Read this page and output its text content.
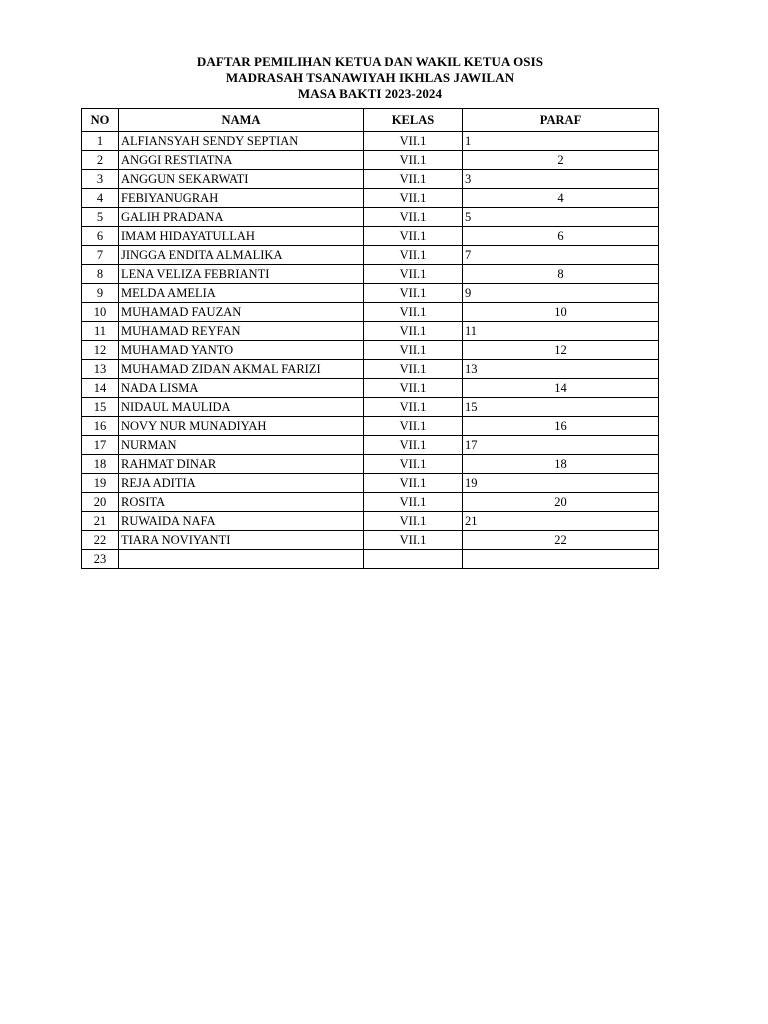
DAFTAR PEMILIHAN KETUA DAN WAKIL KETUA OSIS
MADRASAH TSANAWIYAH IKHLAS JAWILAN
MASA BAKTI 2023-2024
NO	NAMA	KELAS	PARAF
1	ALFIANSYAH SENDY SEPTIAN	VII.1	1
2	ANGGI RESTIATNA	VII.1	2
3	ANGGUN SEKARWATI	VII.1	3
4	FEBIYANUGRAH	VII.1	4
5	GALIH PRADANA	VII.1	5
6	IMAM HIDAYATULLAH	VII.1	6
7	JINGGA ENDITA ALMALIKA	VII.1	7
8	LENA VELIZA FEBRIANTI	VII.1	8
9	MELDA AMELIA	VII.1	9
10	MUHAMAD FAUZAN	VII.1	10
11	MUHAMAD REYFAN	VII.1	11
12	MUHAMAD YANTO	VII.1	12
13	MUHAMAD ZIDAN AKMAL FARIZI	VII.1	13
14	NADA LISMA	VII.1	14
15	NIDAUL MAULIDA	VII.1	15
16	NOVY NUR MUNADIYAH	VII.1	16
17	NURMAN	VII.1	17
18	RAHMAT DINAR	VII.1	18
19	REJA ADITIA	VII.1	19
20	ROSITA	VII.1	20
21	RUWAIDA NAFA	VII.1	21
22	TIARA NOVIYANTI	VII.1	22
23			
